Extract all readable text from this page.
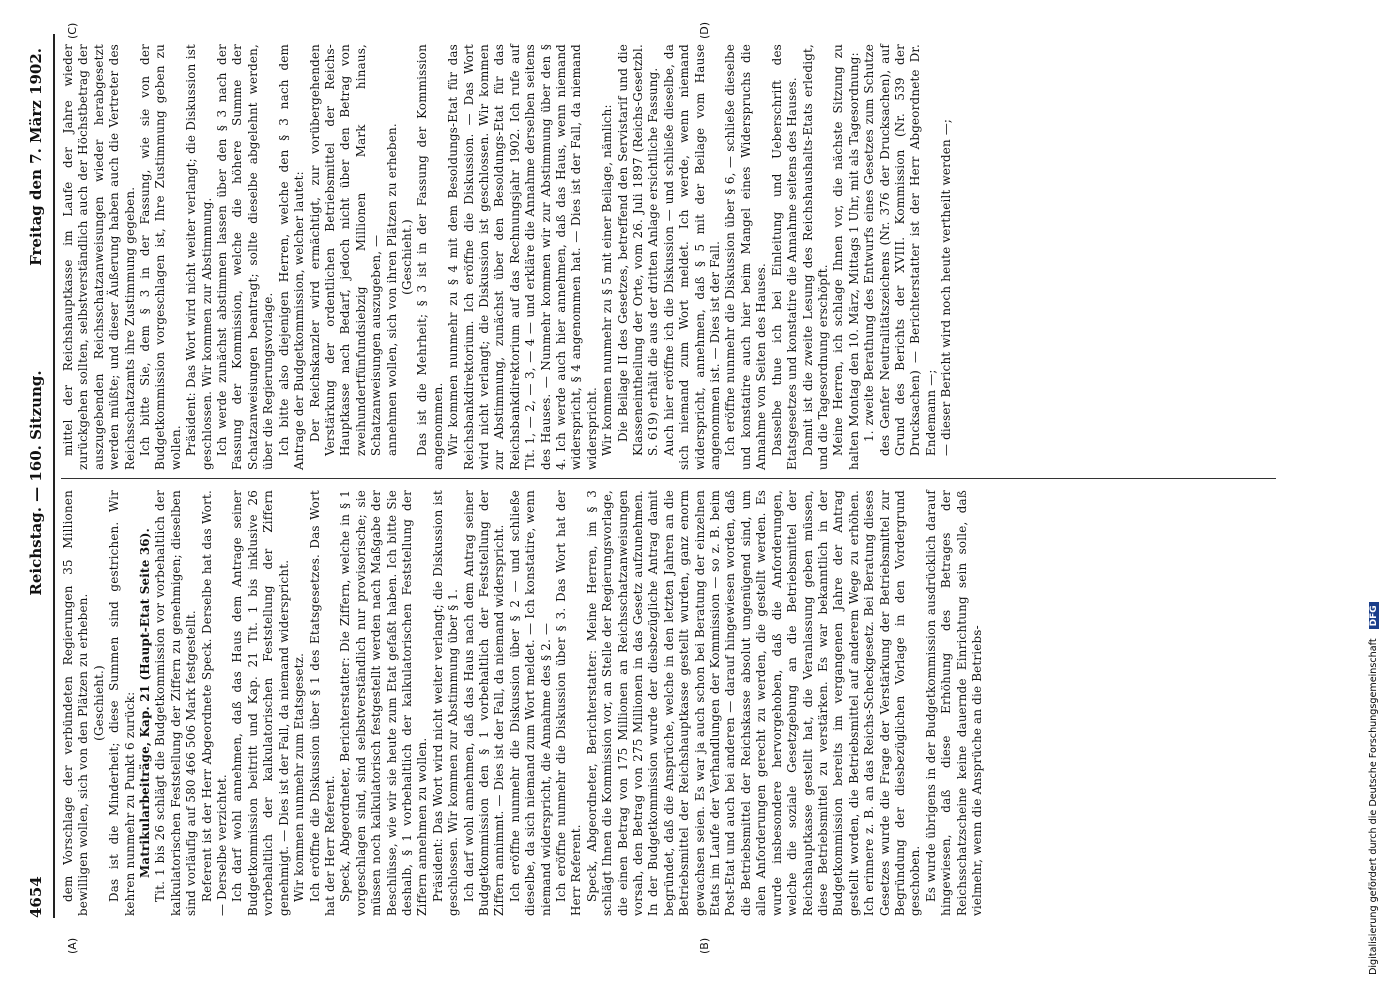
4654
Reichstag. — 160. Sitzung.
Freitag den 7. März 1902.
(A)	(B)
(C)	(D)

dem Vorschlage der verbündeten Regierungen 35 Millionen bewilligen wollen, sich von den Plätzen zu erheben. (Geschieht.) Das ist die Minderheit; diese Summen sind gestrichen. Wir kehren nunmehr zu Punkt 6 zurück: Matrikularbeiträge, Kap. 21 (Haupt-Etat Seite 36). Tit. 1 bis 26 schlägt die Budgetkommission vor vorbehaltlich der kalkulatorischen Feststellung der Ziffern zu genehmigen; dieselben sind vorläufig auf 580 466 506 Mark festgestellt. Referent ist der Herr Abgeordnete Speck. Derselbe hat das Wort. — Derselbe verzichtet. Ich darf wohl annehmen, daß das Haus dem Antrage seiner Budgetkommission beitritt und Kap. 21 Tit. 1 bis inklusive 26 vorbehaltlich der kalkulatorischen Feststellung der Ziffern genehmigt. — Dies ist der Fall, da niemand widerspricht. Wir kommen nunmehr zum Etatsgesetz. Ich eröffne die Diskussion über § 1 des Etatsgesetzes. Das Wort hat der Herr Referent. Speck, Abgeordneter, Berichterstatter: Die Ziffern, welche in § 1 vorgeschlagen sind, sind selbstverständlich nur provisorische; sie müssen noch kalkulatorisch festgestellt werden nach Maßgabe der Beschlüsse, wie wir sie heute zum Etat gefaßt haben. Ich bitte Sie deshalb, § 1 vorbehaltlich der kalkulatorischen Feststellung der Ziffern annehmen zu wollen. Präsident: Das Wort wird nicht weiter verlangt; die Diskussion ist geschlossen. Wir kommen zur Abstimmung über § 1. Ich darf wohl annehmen, daß das Haus nach dem Antrag seiner Budgetkommission den § 1 vorbehaltlich der Feststellung der Ziffern annimmt. — Dies ist der Fall, da niemand widerspricht. Ich eröffne nunmehr die Diskussion über § 2 — und schließe dieselbe, da sich niemand zum Wort meldet. — Ich konstatire, wenn niemand widerspricht, die Annahme des § 2. — Ich eröffne nunmehr die Diskussion über § 3. Das Wort hat der Herr Referent. Speck, Abgeordneter, Berichterstatter: Meine Herren, im § 3 schlägt Ihnen die Kommission vor, an Stelle der Regierungsvorlage, die einen Betrag von 175 Millionen an Reichsschatzanweisungen vorsah, den Betrag von 275 Millionen in das Gesetz aufzunehmen. In der Budgetkommission wurde der diesbezügliche Antrag damit begründet, daß die Ansprüche, welche in den letzten Jahren an die Betriebsmittel der Reichshauptkasse gestellt wurden, ganz enorm gewachsen seien. Es war ja auch schon bei Beratung der einzelnen Etats im Laufe der Verhandlungen der Kommission — so z. B. beim Post-Etat und auch bei anderen — darauf hingewiesen worden, daß die Betriebsmittel der Reichskasse absolut ungenügend sind, um allen Anforderungen gerecht zu werden, die gestellt werden. Es wurde insbesondere hervorgehoben, daß die Anforderungen, welche die soziale Gesetzgebung an die Betriebsmittel der Reichshauptkasse gestellt hat, die Veranlassung geben müssen, diese Betriebsmittel zu verstärken. Es war bekanntlich in der Budgetkommission bereits im vergangenen Jahre der Antrag gestellt worden, die Betriebsmittel auf anderem Wege zu erhöhen. Ich erinnere z. B. an das Reichs-Scheckgesetz. Bei Beratung dieses Gesetzes wurde die Frage der Verstärkung der Betriebsmittel zur Begründung der diesbezüglichen Vorlage in den Vordergrund geschoben. Es wurde übrigens in der Budgetkommission ausdrücklich darauf hingewiesen, daß diese Erhöhung des Betrages der Reichsschatzscheine keine dauernde Einrichtung sein solle, daß vielmehr, wenn die Ansprüche an die Betriebs-

mittel der Reichshauptkasse im Laufe der Jahre wieder zurückgehen sollten, selbstverständlich auch der Höchstbetrag der auszugebenden Reichsschatzanweisungen wieder herabgesetzt werden müßte; und dieser Äußerung haben auch die Vertreter des Reichsschatzamts ihre Zustimmung gegeben. Ich bitte Sie, dem § 3 in der Fassung, wie sie von der Budgetkommission vorgeschlagen ist, Ihre Zustimmung geben zu wollen. Präsident: Das Wort wird nicht weiter verlangt; die Diskussion ist geschlossen. Wir kommen zur Abstimmung. Ich werde zunächst abstimmen lassen über den § 3 nach der Fassung der Kommission, welche die höhere Summe der Schatzanweisungen beantragt; sollte dieselbe abgelehnt werden, über die Regierungsvorlage. Ich bitte also diejenigen Herren, welche den § 3 nach dem Antrage der Budgetkommission, welcher lautet: Der Reichskanzler wird ermächtigt, zur vorübergehenden Verstärkung der ordentlichen Betriebsmittel der Reichs-Hauptkasse nach Bedarf, jedoch nicht über den Betrag von zweihundertfünfundsiebzig Millionen Mark hinaus, Schatzanweisungen auszugeben, — annehmen wollen, sich von ihren Plätzen zu erheben. (Geschieht.) Das ist die Mehrheit; § 3 ist in der Fassung der Kommission angenommen. Wir kommen nunmehr zu § 4 mit dem Besoldungs-Etat für das Reichsbankdirektorium. Ich eröffne die Diskussion. — Das Wort wird nicht verlangt; die Diskussion ist geschlossen. Wir kommen zur Abstimmung, zunächst über den Besoldungs-Etat für das Reichsbankdirektorium auf das Rechnungsjahr 1902. Ich rufe auf Tit. 1, — 2, — 3, — 4 — und erkläre die Annahme derselben seitens des Hauses. — Nunmehr kommen wir zur Abstimmung über den § 4. Ich werde auch hier annehmen, daß das Haus, wenn niemand widerspricht, § 4 angenommen hat. — Dies ist der Fall, da niemand widerspricht. Wir kommen nunmehr zu § 5 mit einer Beilage, nämlich: Die Beilage II des Gesetzes, betreffend den Servistarif und die Klasseneintheilung der Orte, vom 26. Juli 1897 (Reichs-Gesetzbl. S. 619) erhält die aus der dritten Anlage ersichtliche Fassung. Auch hier eröffne ich die Diskussion — und schließe dieselbe, da sich niemand zum Wort meldet. Ich werde, wenn niemand widerspricht, annehmen, daß § 5 mit der Beilage vom Hause angenommen ist. — Dies ist der Fall. Ich eröffne nunmehr die Diskussion über § 6, — schließe dieselbe und konstatire auch hier beim Mangel eines Widerspruchs die Annahme von Seiten des Hauses. Dasselbe thue ich bei Einleitung und Ueberschrift des Etatsgesetzes und konstatire die Annahme seitens des Hauses. Damit ist die zweite Lesung des Reichshaushalts-Etats erledigt, und die Tagesordnung erschöpft. Meine Herren, ich schlage Ihnen vor, die nächste Sitzung zu halten Montag den 10. März, Mittags 1 Uhr, mit als Tagesordnung: 1. zweite Berathung des Entwurfs eines Gesetzes zum Schutze des Genfer Neutralitätszeichens (Nr. 376 der Drucksachen), auf Grund des Berichts der XVIII. Kommission (Nr. 539 der Drucksachen) — Berichterstatter ist der Herr Abgeordnete Dr. Endemann —; — dieser Bericht wird noch heute vertheilt werden —;

Digitalisierung gefördert durch die Deutsche Forschungsgemeinschaft DFG
